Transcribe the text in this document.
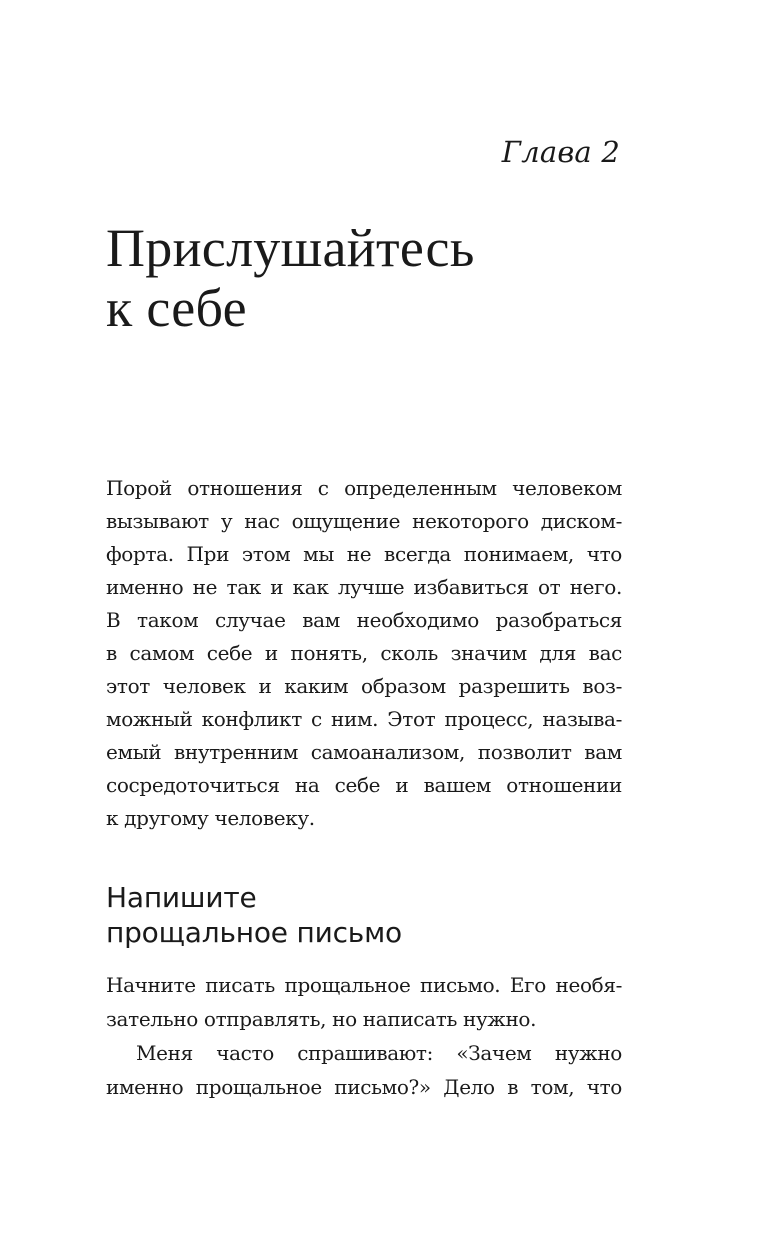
Глава 2
Прислушайтесь
к себе
Порой отношения с определенным человеком
вызывают у нас ощущение некоторого диском-
форта. При этом мы не всегда понимаем, что
именно не так и как лучше избавиться от него.
В таком случае вам необходимо разобраться
в самом себе и понять, сколь значим для вас
этот человек и каким образом разрешить воз-
можный конфликт с ним. Этот процесс, называ-
емый внутренним самоанализом, позволит вам
сосредоточиться на себе и вашем отношении
к другому человеку.
Напишите
прощальное письмо
Начните писать прощальное письмо. Его необя-
зательно отправлять, но написать нужно.
Меня часто спрашивают: «Зачем нужно
именно прощальное письмо?» Дело в том, что
